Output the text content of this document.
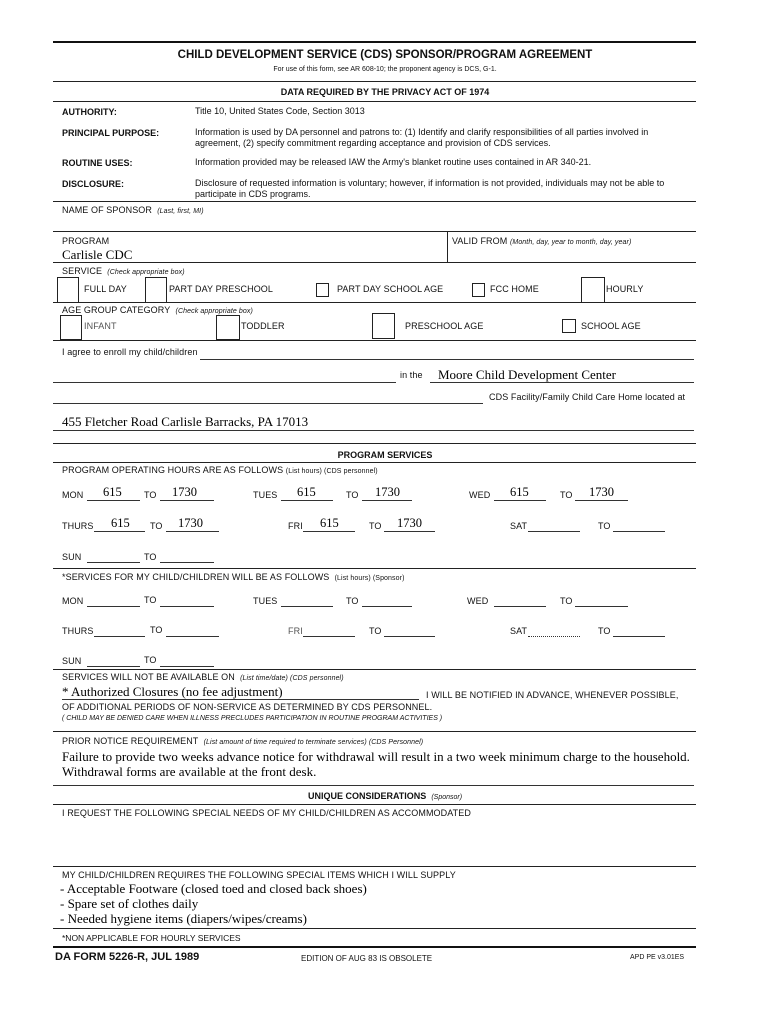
CHILD DEVELOPMENT SERVICE (CDS) SPONSOR/PROGRAM AGREEMENT
For use of this form, see AR 608-10; the proponent agency is DCS, G-1.
DATA REQUIRED BY THE PRIVACY ACT OF 1974
AUTHORITY:	Title 10, United States Code, Section 3013
PRINCIPAL PURPOSE:	Information is used by DA personnel and patrons to: (1) Identify and clarify responsibilities of all parties involved in agreement, (2) specify commitment regarding acceptance and provision of CDS services.
ROUTINE USES:	Information provided may be released IAW the Army's blanket routine uses contained in AR 340-21.
DISCLOSURE:	Disclosure of requested information is voluntary; however, if information is not provided, individuals may not be able to participate in CDS programs.
NAME OF SPONSOR (Last, first, MI)
PROGRAM
Carlisle CDC
VALID FROM (Month, day, year to month, day, year)
SERVICE (Check appropriate box)
FULL DAY	PART DAY PRESCHOOL	PART DAY SCHOOL AGE	FCC HOME	HOURLY
AGE GROUP CATEGORY (Check appropriate box)
INFANT	TODDLER	PRESCHOOL AGE	SCHOOL AGE
I agree to enroll my child/children
in the Moore Child Development Center
CDS Facility/Family Child Care Home located at
455 Fletcher Road Carlisle Barracks, PA 17013
PROGRAM SERVICES
PROGRAM OPERATING HOURS ARE AS FOLLOWS (List hours) (CDS personnel)
MON 615 TO 1730	TUES 615	TO 1730	WED 615	TO 1730
THURS 615 TO 1730	FRI 615	TO 1730	SAT	TO
SUN	TO
*SERVICES FOR MY CHILD/CHILDREN WILL BE AS FOLLOWS (List hours) (Sponsor)
MON	TO	TUES	TO	WED	TO
THURS	TO	FRI	TO	SAT	TO
SUN	TO
SERVICES WILL NOT BE AVAILABLE ON (List time/date) (CDS personnel)
* Authorized Closures (no fee adjustment)	I WILL BE NOTIFIED IN ADVANCE, WHENEVER POSSIBLE,
OF ADDITIONAL PERIODS OF NON-SERVICE AS DETERMINED BY CDS PERSONNEL.
( CHILD MAY BE DENIED CARE WHEN ILLNESS PRECLUDES PARTICIPATION IN ROUTINE PROGRAM ACTIVITIES )
PRIOR NOTICE REQUIREMENT (List amount of time required to terminate services) (CDS Personnel)
Failure to provide two weeks advance notice for withdrawal will result in a two week minimum charge to the household.
Withdrawal forms are available at the front desk.
UNIQUE CONSIDERATIONS (Sponsor)
I REQUEST THE FOLLOWING SPECIAL NEEDS OF MY CHILD/CHILDREN AS ACCOMMODATED
MY CHILD/CHILDREN REQUIRES THE FOLLOWING SPECIAL ITEMS WHICH I WILL SUPPLY
- Acceptable Footware (closed toed and closed back shoes)
- Spare set of clothes daily
- Needed hygiene items (diapers/wipes/creams)
*NON APPLICABLE FOR HOURLY SERVICES
DA FORM 5226-R, JUL 1989	EDITION OF AUG 83 IS OBSOLETE	APD PE v3.01ES
